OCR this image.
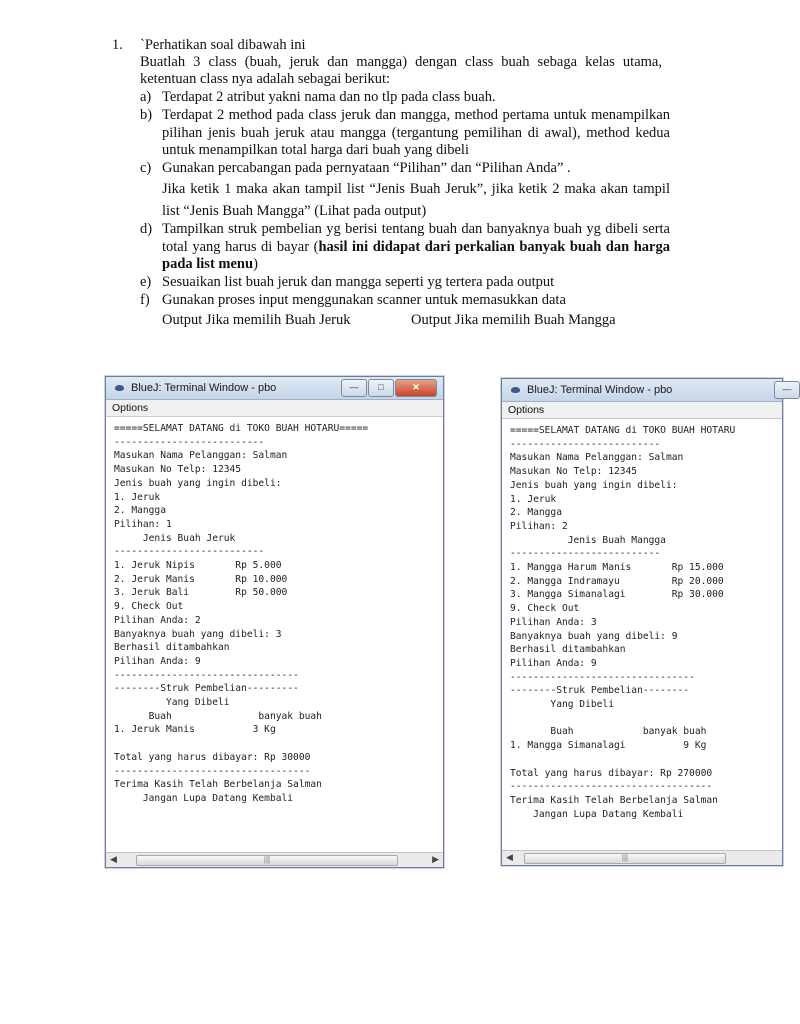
1. `Perhatikan soal dibawah ini
Buatlah 3 class (buah, jeruk dan mangga) dengan class buah sebaga kelas utama, ketentuan class nya adalah sebagai berikut:
a) Terdapat 2 atribut yakni nama dan no tlp pada class buah.
b) Terdapat 2 method pada class jeruk dan mangga, method pertama untuk menampilkan pilihan jenis buah jeruk atau mangga (tergantung pemilihan di awal), method kedua untuk menampilkan total harga dari buah yang dibeli
c) Gunakan percabangan pada pernyataan “Pilihan” dan “Pilihan Anda” .
Jika ketik 1 maka akan tampil list “Jenis Buah Jeruk”, jika ketik 2 maka akan tampil list “Jenis Buah Mangga” (Lihat pada output)
d) Tampilkan struk pembelian yg berisi tentang buah dan banyaknya buah yg dibeli serta total yang harus di bayar (hasil ini didapat dari perkalian banyak buah dan harga pada list menu)
e) Sesuaikan list buah jeruk dan mangga seperti yg tertera pada output
f) Gunakan proses input menggunakan scanner untuk memasukkan data
Output Jika memilih Buah Jeruk	Output Jika memilih Buah Mangga
BlueJ: Terminal Window - pbo	—	□	✕
Options
=====SELAMAT DATANG di TOKO BUAH HOTARU=====
--------------------------
Masukan Nama Pelanggan: Salman
Masukan No Telp: 12345
Jenis buah yang ingin dibeli:
1. Jeruk
2. Mangga
Pilihan: 1
Jenis Buah Jeruk
--------------------------
1. Jeruk Nipis       Rp 5.000
2. Jeruk Manis       Rp 10.000
3. Jeruk Bali        Rp 50.000
9. Check Out
Pilihan Anda: 2
Banyaknya buah yang dibeli: 3
Berhasil ditambahkan
Pilihan Anda: 9
--------------------------------
--------Struk Pembelian---------
Yang Dibeli
Buah               banyak buah
1. Jeruk Manis          3 Kg

Total yang harus dibayar: Rp 30000
----------------------------------
Terima Kasih Telah Berbelanja Salman
Jangan Lupa Datang Kembali
◀	|||	▶
BlueJ: Terminal Window - pbo	—
Options
=====SELAMAT DATANG di TOKO BUAH HOTARU
--------------------------
Masukan Nama Pelanggan: Salman
Masukan No Telp: 12345
Jenis buah yang ingin dibeli:
1. Jeruk
2. Mangga
Pilihan: 2
Jenis Buah Mangga
--------------------------
1. Mangga Harum Manis       Rp 15.000
2. Mangga Indramayu         Rp 20.000
3. Mangga Simanalagi        Rp 30.000
9. Check Out
Pilihan Anda: 3
Banyaknya buah yang dibeli: 9
Berhasil ditambahkan
Pilihan Anda: 9
--------------------------------
--------Struk Pembelian--------
Yang Dibeli

Buah            banyak buah
1. Mangga Simanalagi          9 Kg

Total yang harus dibayar: Rp 270000
-----------------------------------
Terima Kasih Telah Berbelanja Salman
Jangan Lupa Datang Kembali
◀	|||
